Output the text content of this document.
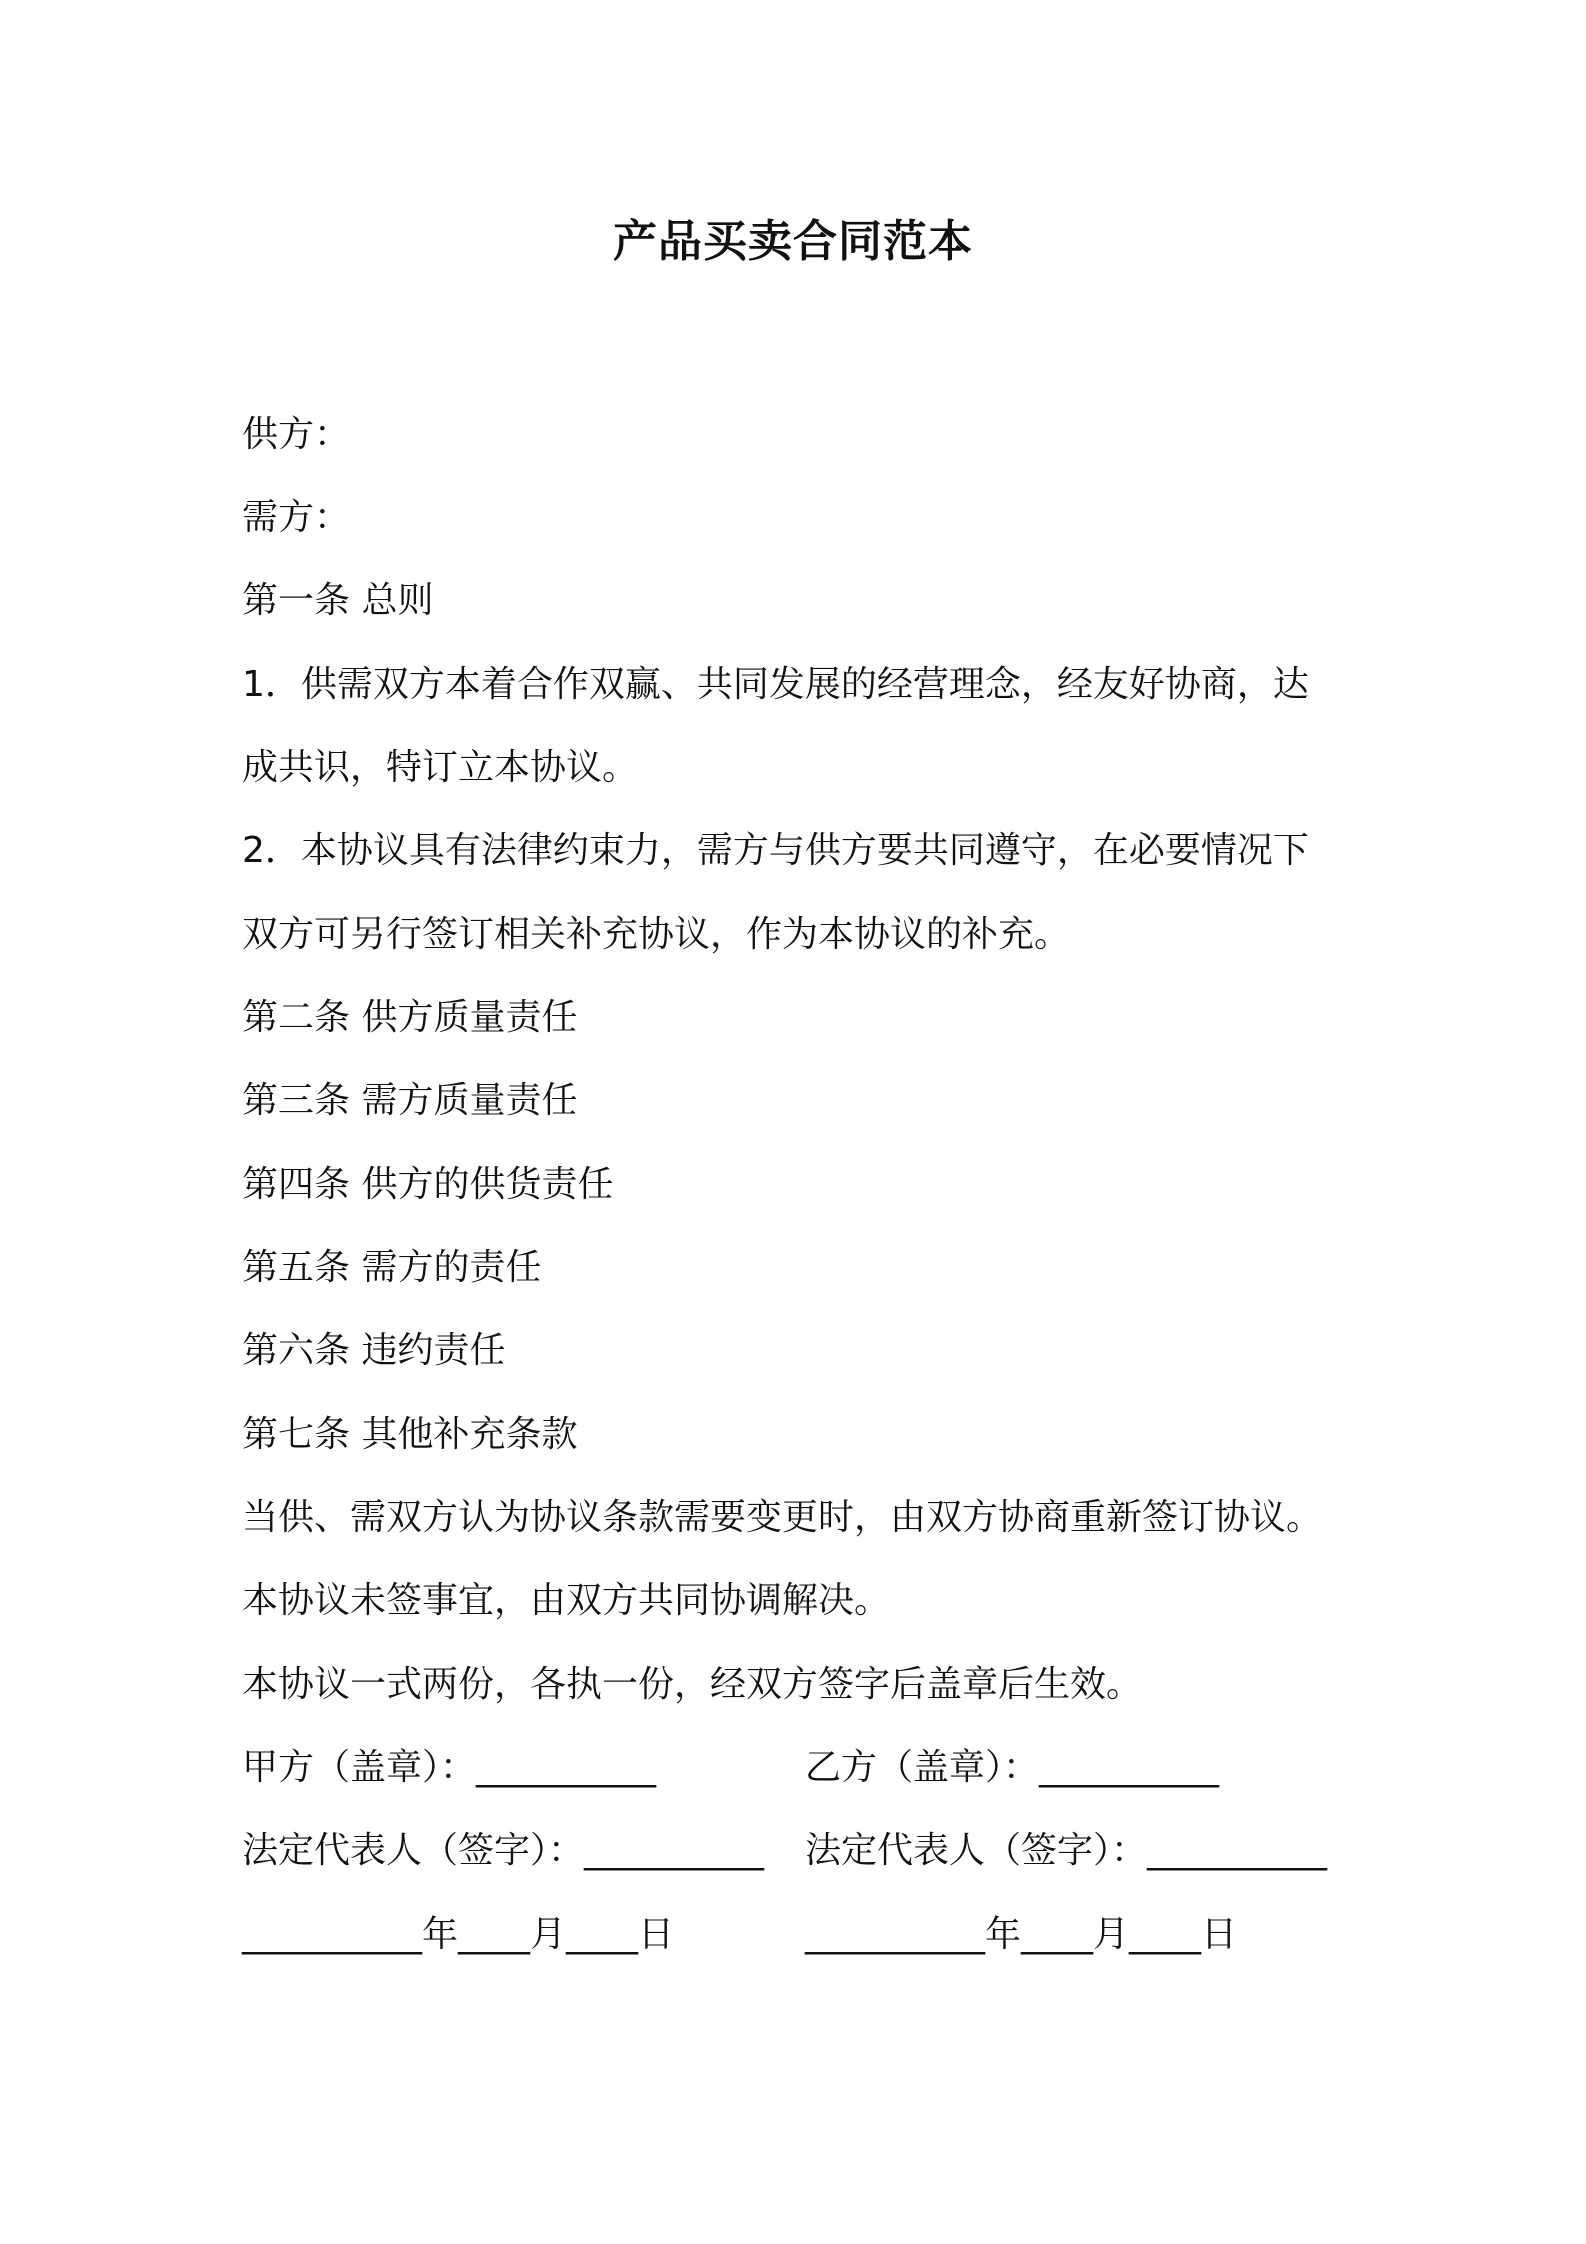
产品买卖合同范本
供方：
需方：
第一条 总则
1．供需双方本着合作双赢、共同发展的经营理念，经友好协商，达
成共识，特订立本协议。
2．本协议具有法律约束力，需方与供方要共同遵守，在必要情况下
双方可另行签订相关补充协议，作为本协议的补充。
第二条 供方质量责任
第三条 需方质量责任
第四条 供方的供货责任
第五条 需方的责任
第六条 违约责任
第七条 其他补充条款
当供、需双方认为协议条款需要变更时，由双方协商重新签订协议。
本协议未签事宜，由双方共同协调解决。
本协议一式两份，各执一份，经双方签字后盖章后生效。
甲方（盖章）：__________	乙方（盖章）：__________
法定代表人（签字）：__________ 法定代表人（签字）：__________
__________年____月____日	__________年____月____日
